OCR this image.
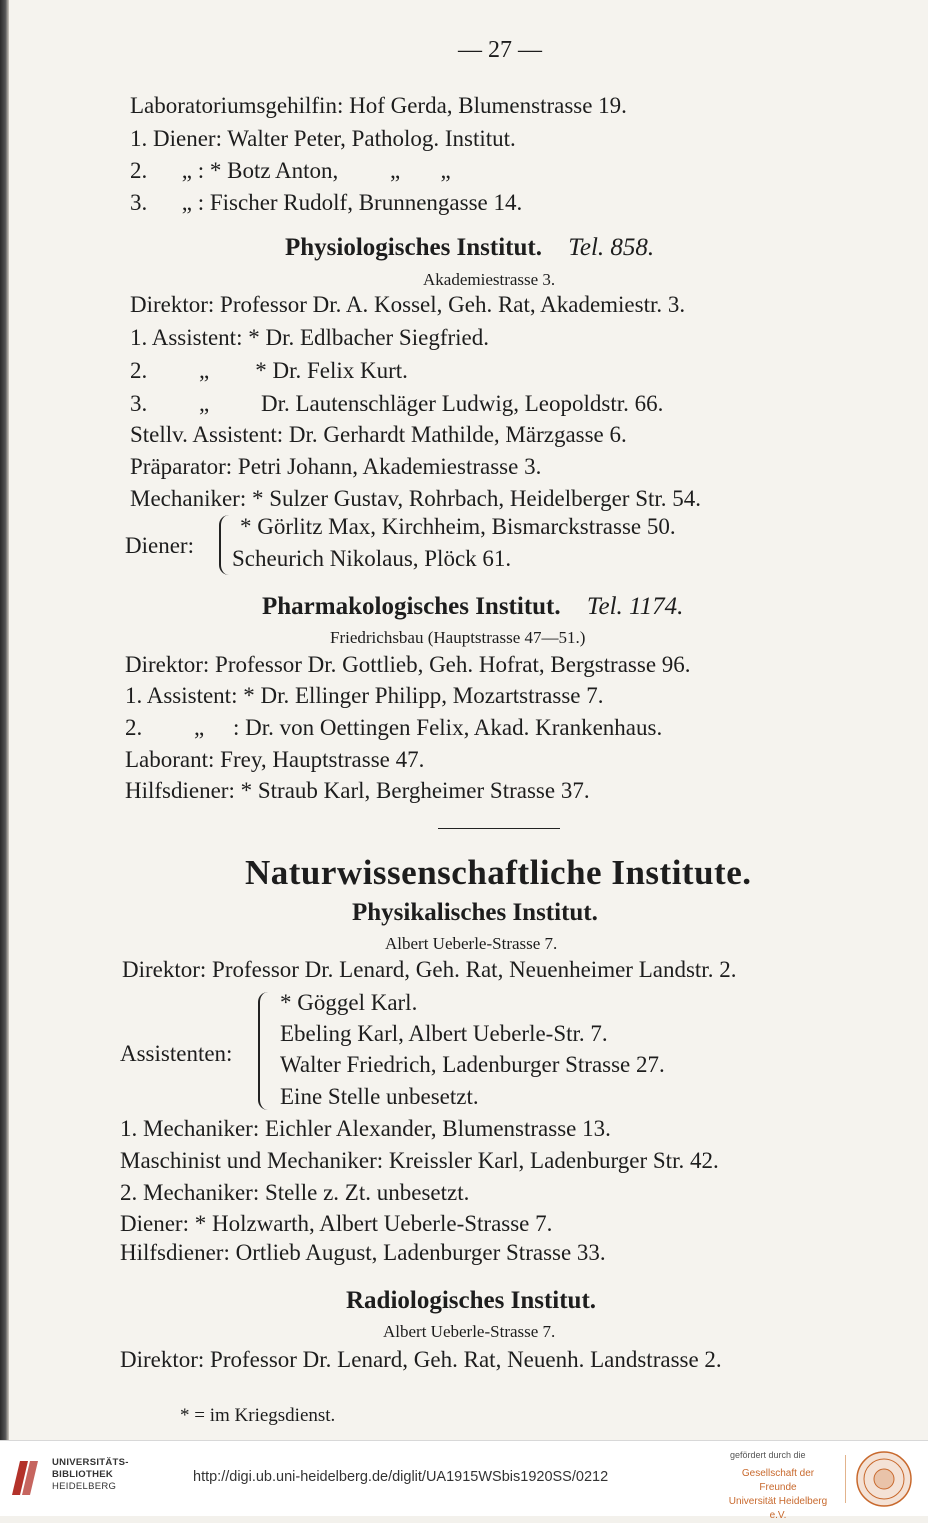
— 27 —
Laboratoriumsgehilfin: Hof Gerda, Blumenstrasse 19.
1. Diener: Walter Peter, Patholog. Institut.
2.      „ : * Botz Anton,         „       „
3.      „ : Fischer Rudolf, Brunnengasse 14.
Physiologisches Institut. Tel. 858.
Akademiestrasse 3.
Direktor: Professor Dr. A. Kossel, Geh. Rat, Akademiestr. 3.
1. Assistent: * Dr. Edlbacher Siegfried.
2.         „        * Dr. Felix Kurt.
3.         „         Dr. Lautenschläger Ludwig, Leopoldstr. 66.
Stellv. Assistent: Dr. Gerhardt Mathilde, Märzgasse 6.
Präparator: Petri Johann, Akademiestrasse 3.
Mechaniker: * Sulzer Gustav, Rohrbach, Heidelberger Str. 54.
Diener:
* Görlitz Max, Kirchheim, Bismarckstrasse 50.
Scheurich Nikolaus, Plöck 61.
Pharmakologisches Institut. Tel. 1174.
Friedrichsbau (Hauptstrasse 47—51.)
Direktor: Professor Dr. Gottlieb, Geh. Hofrat, Bergstrasse 96.
1. Assistent: * Dr. Ellinger Philipp, Mozartstrasse 7.
2.         „     : Dr. von Oettingen Felix, Akad. Krankenhaus.
Laborant: Frey, Hauptstrasse 47.
Hilfsdiener: * Straub Karl, Bergheimer Strasse 37.
Naturwissenschaftliche Institute.
Physikalisches Institut.
Albert Ueberle-Strasse 7.
Direktor: Professor Dr. Lenard, Geh. Rat, Neuenheimer Landstr. 2.
Assistenten:
* Göggel Karl.
Ebeling Karl, Albert Ueberle-Str. 7.
Walter Friedrich, Ladenburger Strasse 27.
Eine Stelle unbesetzt.
1. Mechaniker: Eichler Alexander, Blumenstrasse 13.
Maschinist und Mechaniker: Kreissler Karl, Ladenburger Str. 42.
2. Mechaniker: Stelle z. Zt. unbesetzt.
Diener: * Holzwarth, Albert Ueberle-Strasse 7.
Hilfsdiener: Ortlieb August, Ladenburger Strasse 33.
Radiologisches Institut.
Albert Ueberle-Strasse 7.
Direktor: Professor Dr. Lenard, Geh. Rat, Neuenh. Landstrasse 2.
* = im Kriegsdienst.
UNIVERSITÄTS-
BIBLIOTHEK
HEIDELBERG
http://digi.ub.uni-heidelberg.de/diglit/UA1915WSbis1920SS/0212
gefördert durch die
Gesellschaft der Freunde
Universität Heidelberg e.V.
